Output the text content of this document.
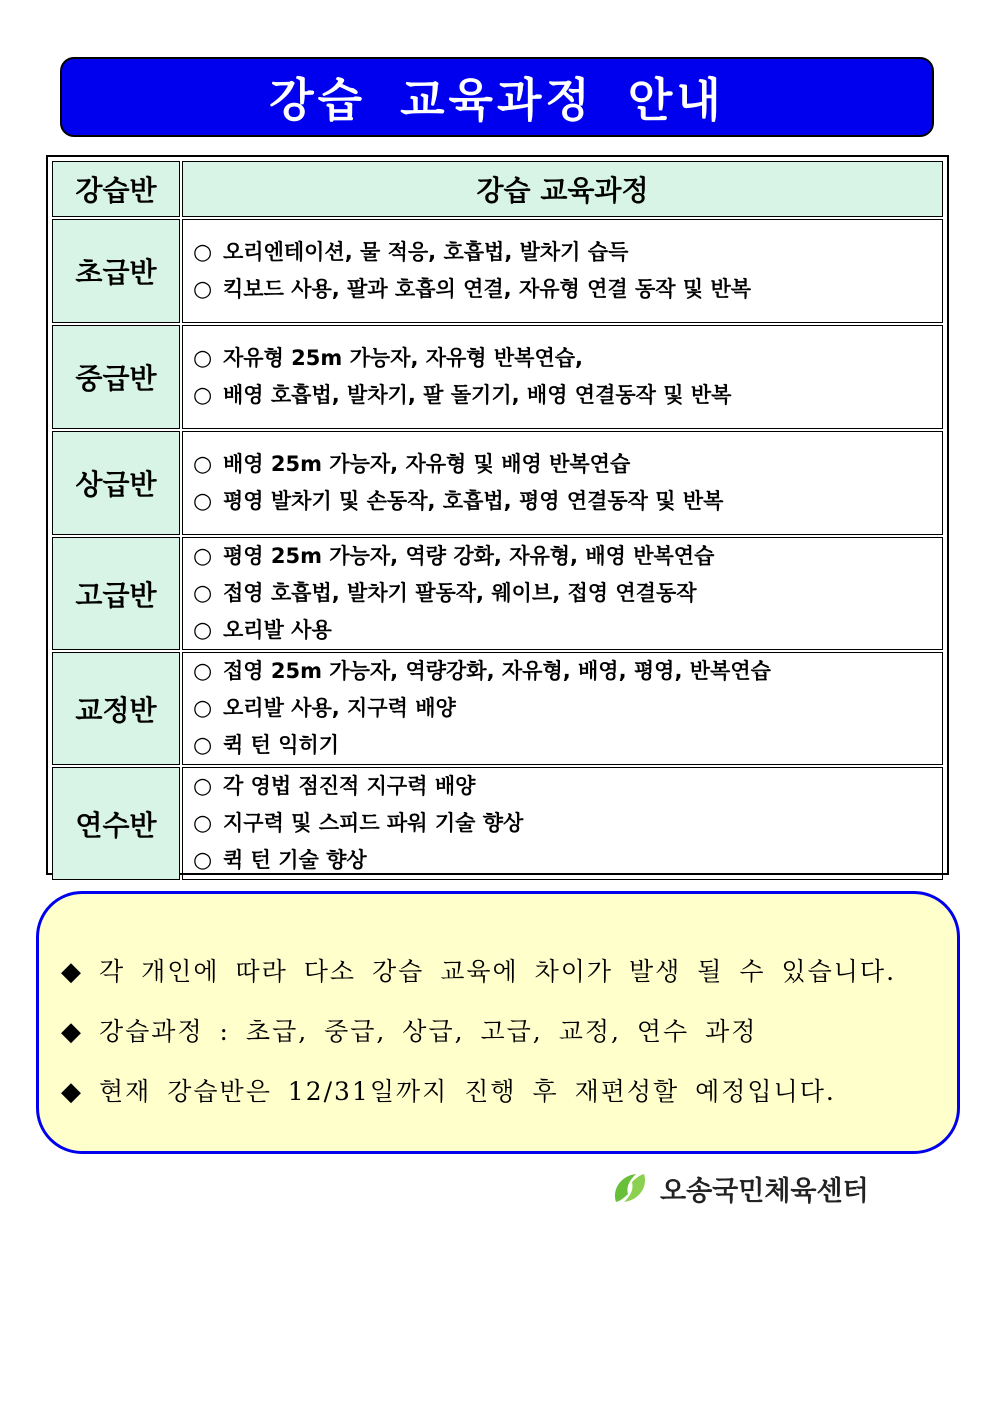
강습 교육과정 안내
강습반	강습 교육과정
초급반	○ 오리엔테이션, 물 적응, 호흡법, 발차기 습득
○ 킥보드 사용, 팔과 호흡의 연결, 자유형 연결 동작 및 반복

중급반	○ 자유형 25m 가능자, 자유형 반복연습,
○ 배영 호흡법, 발차기, 팔 돌기기, 배영 연결동작 및 반복

상급반	○ 배영 25m 가능자, 자유형 및 배영 반복연습
○ 평영 발차기 및 손동작, 호흡법, 평영 연결동작 및 반복

고급반	○ 평영 25m 가능자, 역량 강화, 자유형, 배영 반복연습
○ 접영 호흡법, 발차기 팔동작, 웨이브, 접영 연결동작
○ 오리발 사용

교정반	○ 접영 25m 가능자, 역량강화, 자유형, 배영, 평영, 반복연습
○ 오리발 사용, 지구력 배양
○ 퀵 턴 익히기

연수반	○ 각 영법 점진적 지구력 배양
○ 지구력 및 스피드 파워 기술 향상
○ 퀵 턴 기술 향상
◆ 각 개인에 따라 다소 강습 교육에 차이가 발생 될 수 있습니다.
◆ 강습과정 : 초급, 중급, 상급, 고급, 교정, 연수 과정
◆ 현재 강습반은 12/31일까지 진행 후 재편성할 예정입니다.
오송국민체육센터
